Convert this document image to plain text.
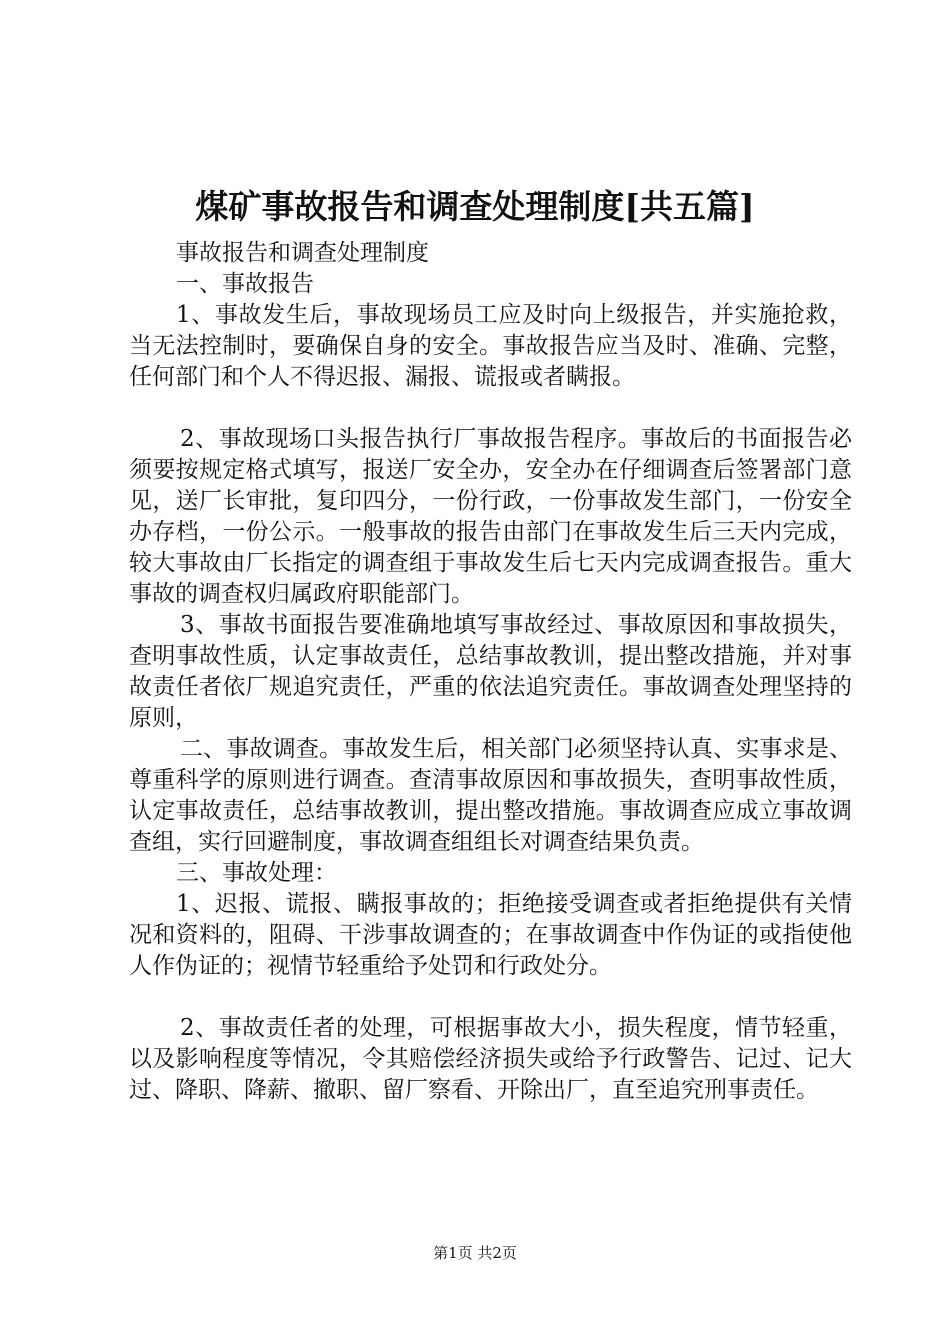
煤矿事故报告和调查处理制度[共五篇]

事故报告和调查处理制度

一、事故报告

1、事故发生后，事故现场员工应及时向上级报告，并实施抢救，当无法控制时，要确保自身的安全。事故报告应当及时、准确、完整，任何部门和个人不得迟报、漏报、谎报或者瞒报。

2、事故现场口头报告执行厂事故报告程序。事故后的书面报告必须要按规定格式填写，报送厂安全办，安全办在仔细调查后签署部门意见，送厂长审批，复印四分，一份行政，一份事故发生部门，一份安全办存档，一份公示。一般事故的报告由部门在事故发生后三天内完成，较大事故由厂长指定的调查组于事故发生后七天内完成调查报告。重大事故的调查权归属政府职能部门。

3、事故书面报告要准确地填写事故经过、事故原因和事故损失，查明事故性质，认定事故责任，总结事故教训，提出整改措施，并对事故责任者依厂规追究责任，严重的依法追究责任。事故调查处理坚持的原则，

二、事故调查。事故发生后，相关部门必须坚持认真、实事求是、尊重科学的原则进行调查。查清事故原因和事故损失，查明事故性质，认定事故责任，总结事故教训，提出整改措施。事故调查应成立事故调查组，实行回避制度，事故调查组组长对调查结果负责。

三、事故处理：

1、迟报、谎报、瞒报事故的；拒绝接受调查或者拒绝提供有关情况和资料的，阻碍、干涉事故调查的；在事故调查中作伪证的或指使他人作伪证的；视情节轻重给予处罚和行政处分。

2、事故责任者的处理，可根据事故大小，损失程度，情节轻重，以及影响程度等情况，令其赔偿经济损失或给予行政警告、记过、记大过、降职、降薪、撤职、留厂察看、开除出厂，直至追究刑事责任。

第1页 共2页
